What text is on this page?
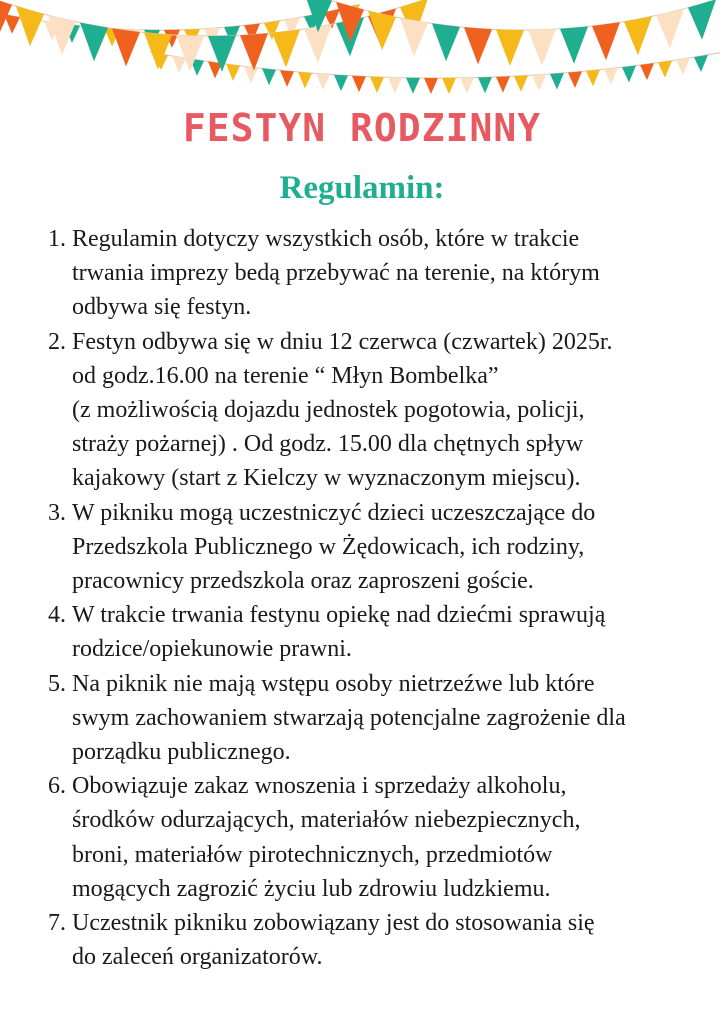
FESTYN RODZINNY
Regulamin:
1. Regulamin dotyczy wszystkich osób, które w trakcie
trwania imprezy bedą przebywać na terenie, na którym
odbywa się festyn.
2. Festyn odbywa się w dniu 12 czerwca (czwartek) 2025r.
od godz.16.00 na terenie “ Młyn Bombelka”
(z możliwością dojazdu jednostek pogotowia, policji,
straży pożarnej) . Od godz. 15.00 dla chętnych spływ
kajakowy (start z Kielczy w wyznaczonym miejscu).
3. W pikniku mogą uczestniczyć dzieci uczeszczające do
Przedszkola Publicznego w Żędowicach, ich rodziny,
pracownicy przedszkola oraz zaproszeni goście.
4. W trakcie trwania festynu opiekę nad dziećmi sprawują
rodzice/opiekunowie prawni.
5. Na piknik nie mają wstępu osoby nietrzeźwe lub które
swym zachowaniem stwarzają potencjalne zagrożenie dla
porządku publicznego.
6. Obowiązuje zakaz wnoszenia i sprzedaży alkoholu,
środków odurzających, materiałów niebezpiecznych,
broni, materiałów pirotechnicznych, przedmiotów
mogących zagrozić życiu lub zdrowiu ludzkiemu.
7. Uczestnik pikniku zobowiązany jest do stosowania się
do zaleceń organizatorów.
